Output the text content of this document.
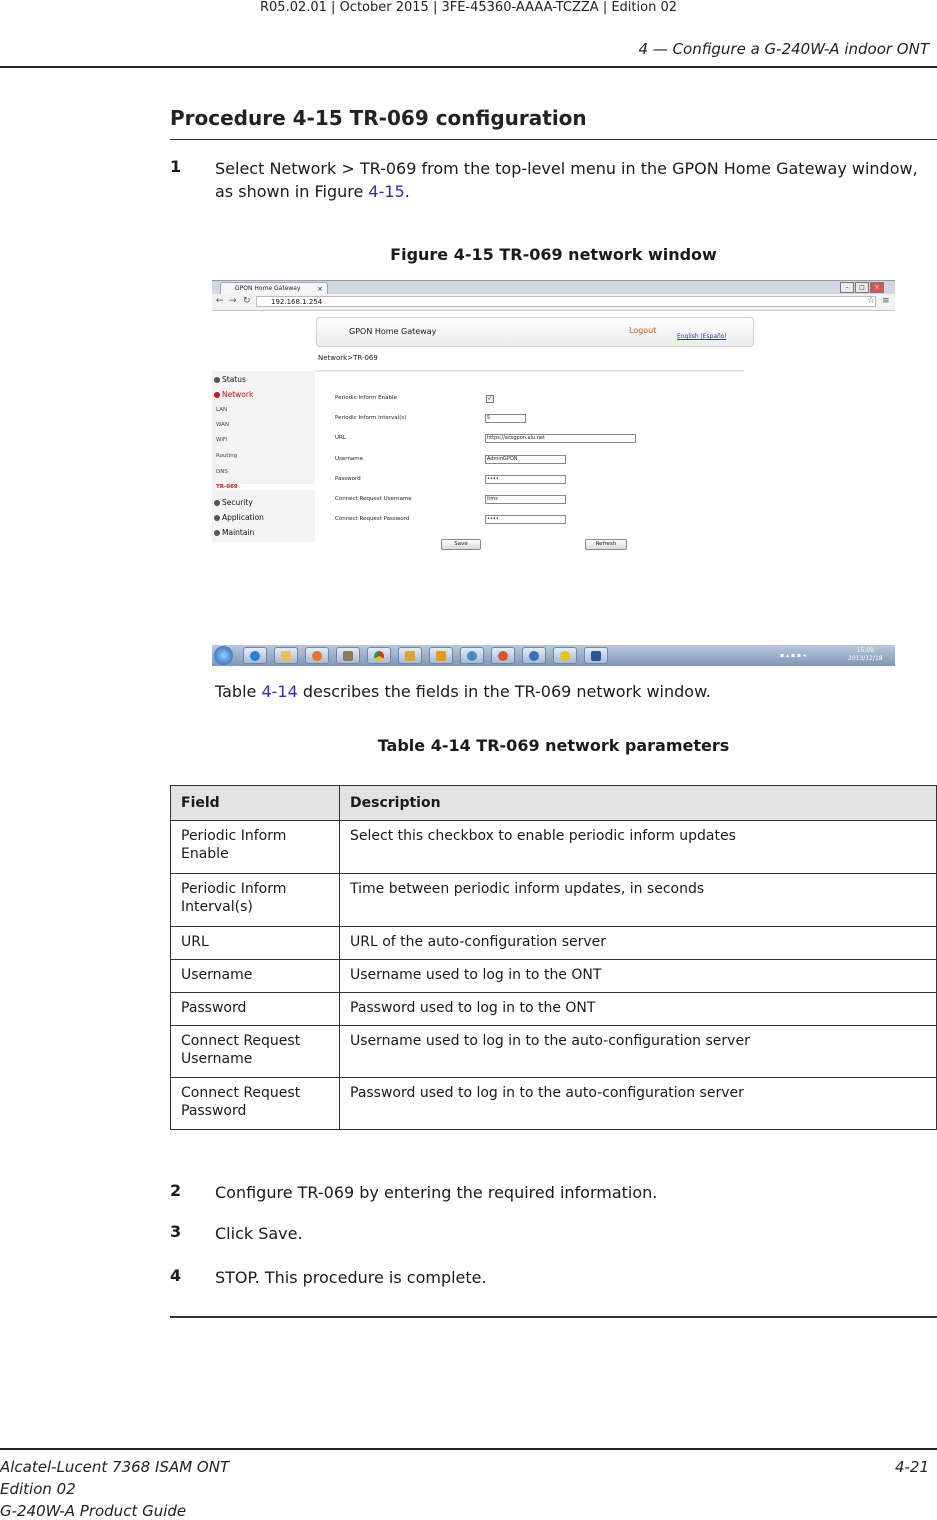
R05.02.01 | October 2015 | 3FE-45360-AAAA-TCZZA | Edition 02
4 — Configure a G-240W-A indoor ONT
Procedure 4-15 TR-069 configuration
1 Select Network > TR-069 from the top-level menu in the GPON Home Gateway window, as shown in Figure 4-15.
Figure 4-15 TR-069 network window
GPON Home Gateway ×	–	□	×
← → ↻	192.168.1.254	☆ ≡
GPON Home Gateway	Logout
English |Español
Network>TR-069
Status
Network
LAN
WAN
WiFi
Routing
DNS
TR-069
Security
Application
Maintain
Periodic Inform Enable	✓
Periodic Inform Interval(s)	5
URL	https://acsgpon.alu.net
Username	AdminGPON
Password	••••
Connect Request Username	itms
Connect Request Password	••••
Save	Refresh
▪ ▴ ▪ ▪ ◂
15:09
2013/12/18
Table 4-14 describes the fields in the TR-069 network window.
Table 4-14 TR-069 network parameters
Field	Description
Periodic Inform Enable	Select this checkbox to enable periodic inform updates
Periodic Inform Interval(s)	Time between periodic inform updates, in seconds
URL	URL of the auto-configuration server
Username	Username used to log in to the ONT
Password	Password used to log in to the ONT
Connect Request Username	Username used to log in to the auto-configuration server
Connect Request Password	Password used to log in to the auto-configuration server
2 Configure TR-069 by entering the required information.
3 Click Save.
4 STOP. This procedure is complete.
Alcatel-Lucent 7368 ISAM ONT
Edition 02
G-240W-A Product Guide
4-21
